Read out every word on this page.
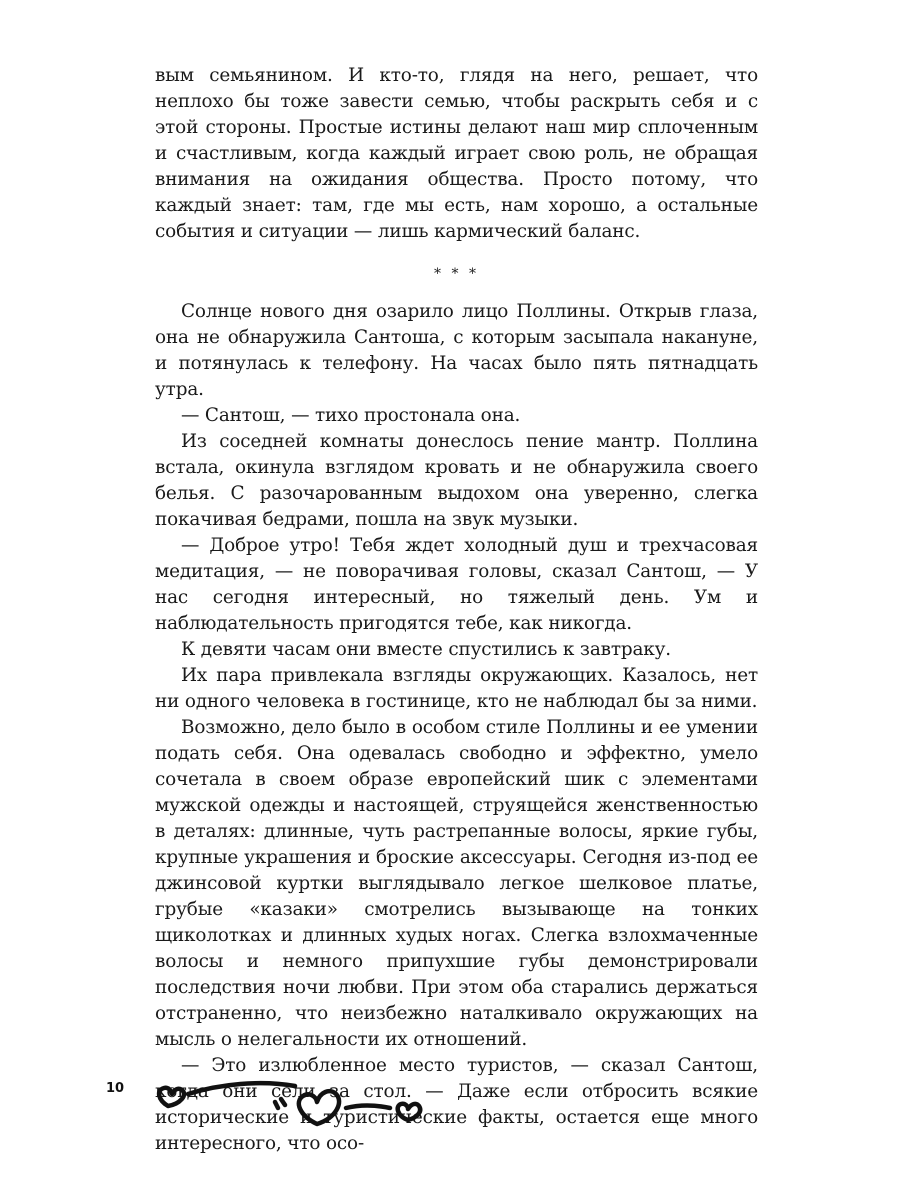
вым семьянином. И кто-то, глядя на него, решает, что неплохо бы тоже завести семью, чтобы раскрыть себя и с этой стороны. Простые истины делают наш мир сплоченным и счастливым, когда каждый играет свою роль, не обращая внимания на ожидания общества. Просто потому, что каждый знает: там, где мы есть, нам хорошо, а остальные события и ситуации — лишь кармический баланс.

* * *

Солнце нового дня озарило лицо Поллины. Открыв глаза, она не обнаружила Сантоша, с которым засыпала накануне, и потянулась к телефону. На часах было пять пятнадцать утра.

— Сантош, — тихо простонала она.

Из соседней комнаты донеслось пение мантр. Поллина встала, окинула взглядом кровать и не обнаружила своего белья. С разочарованным выдохом она уверенно, слегка покачивая бедрами, пошла на звук музыки.

— Доброе утро! Тебя ждет холодный душ и трехчасовая медитация, — не поворачивая головы, сказал Сантош, — У нас сегодня интересный, но тяжелый день. Ум и наблюдательность пригодятся тебе, как никогда.

К девяти часам они вместе спустились к завтраку.

Их пара привлекала взгляды окружающих. Казалось, нет ни одного человека в гостинице, кто не наблюдал бы за ними.

Возможно, дело было в особом стиле Поллины и ее умении подать себя. Она одевалась свободно и эффектно, умело сочетала в своем образе европейский шик с элементами мужской одежды и настоящей, струящейся женственностью в деталях: длинные, чуть растрепанные волосы, яркие губы, крупные украшения и броские аксессуары. Сегодня из-под ее джинсовой куртки выглядывало легкое шелковое платье, грубые «казаки» смотрелись вызывающе на тонких щиколотках и длинных худых ногах. Слегка взлохмаченные волосы и немного припухшие губы демонстрировали последствия ночи любви. При этом оба старались держаться отстраненно, что неизбежно наталкивало окружающих на мысль о нелегальности их отношений.

— Это излюбленное место туристов, — сказал Сантош, когда они сели за стол. — Даже если отбросить всякие исторические и туристические факты, остается еще много интересного, что осо-

10
